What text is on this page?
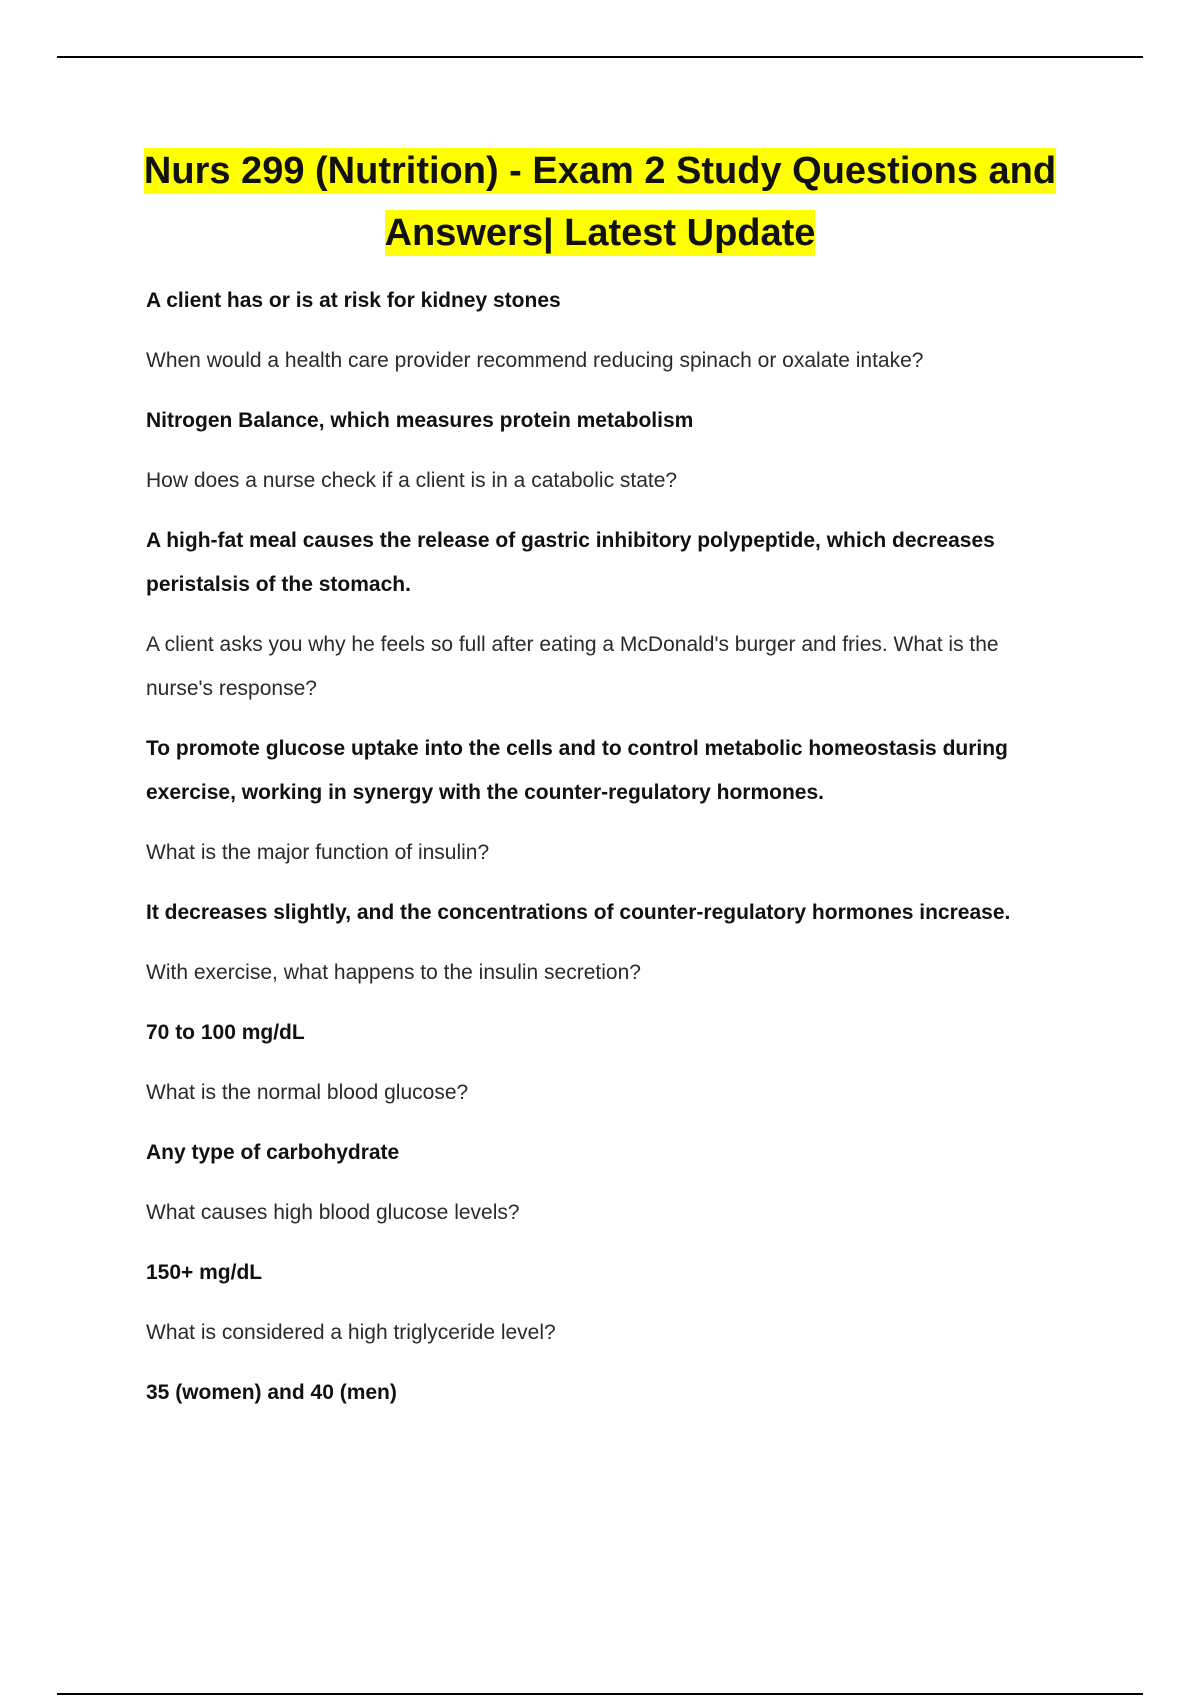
Nurs 299 (Nutrition) - Exam 2 Study Questions and Answers| Latest Update

A client has or is at risk for kidney stones

When would a health care provider recommend reducing spinach or oxalate intake?

Nitrogen Balance, which measures protein metabolism

How does a nurse check if a client is in a catabolic state?

A high-fat meal causes the release of gastric inhibitory polypeptide, which decreases peristalsis of the stomach.

A client asks you why he feels so full after eating a McDonald's burger and fries. What is the nurse's response?

To promote glucose uptake into the cells and to control metabolic homeostasis during exercise, working in synergy with the counter-regulatory hormones.

What is the major function of insulin?

It decreases slightly, and the concentrations of counter-regulatory hormones increase.

With exercise, what happens to the insulin secretion?

70 to 100 mg/dL

What is the normal blood glucose?

Any type of carbohydrate

What causes high blood glucose levels?

150+ mg/dL

What is considered a high triglyceride level?

35 (women) and 40 (men)
